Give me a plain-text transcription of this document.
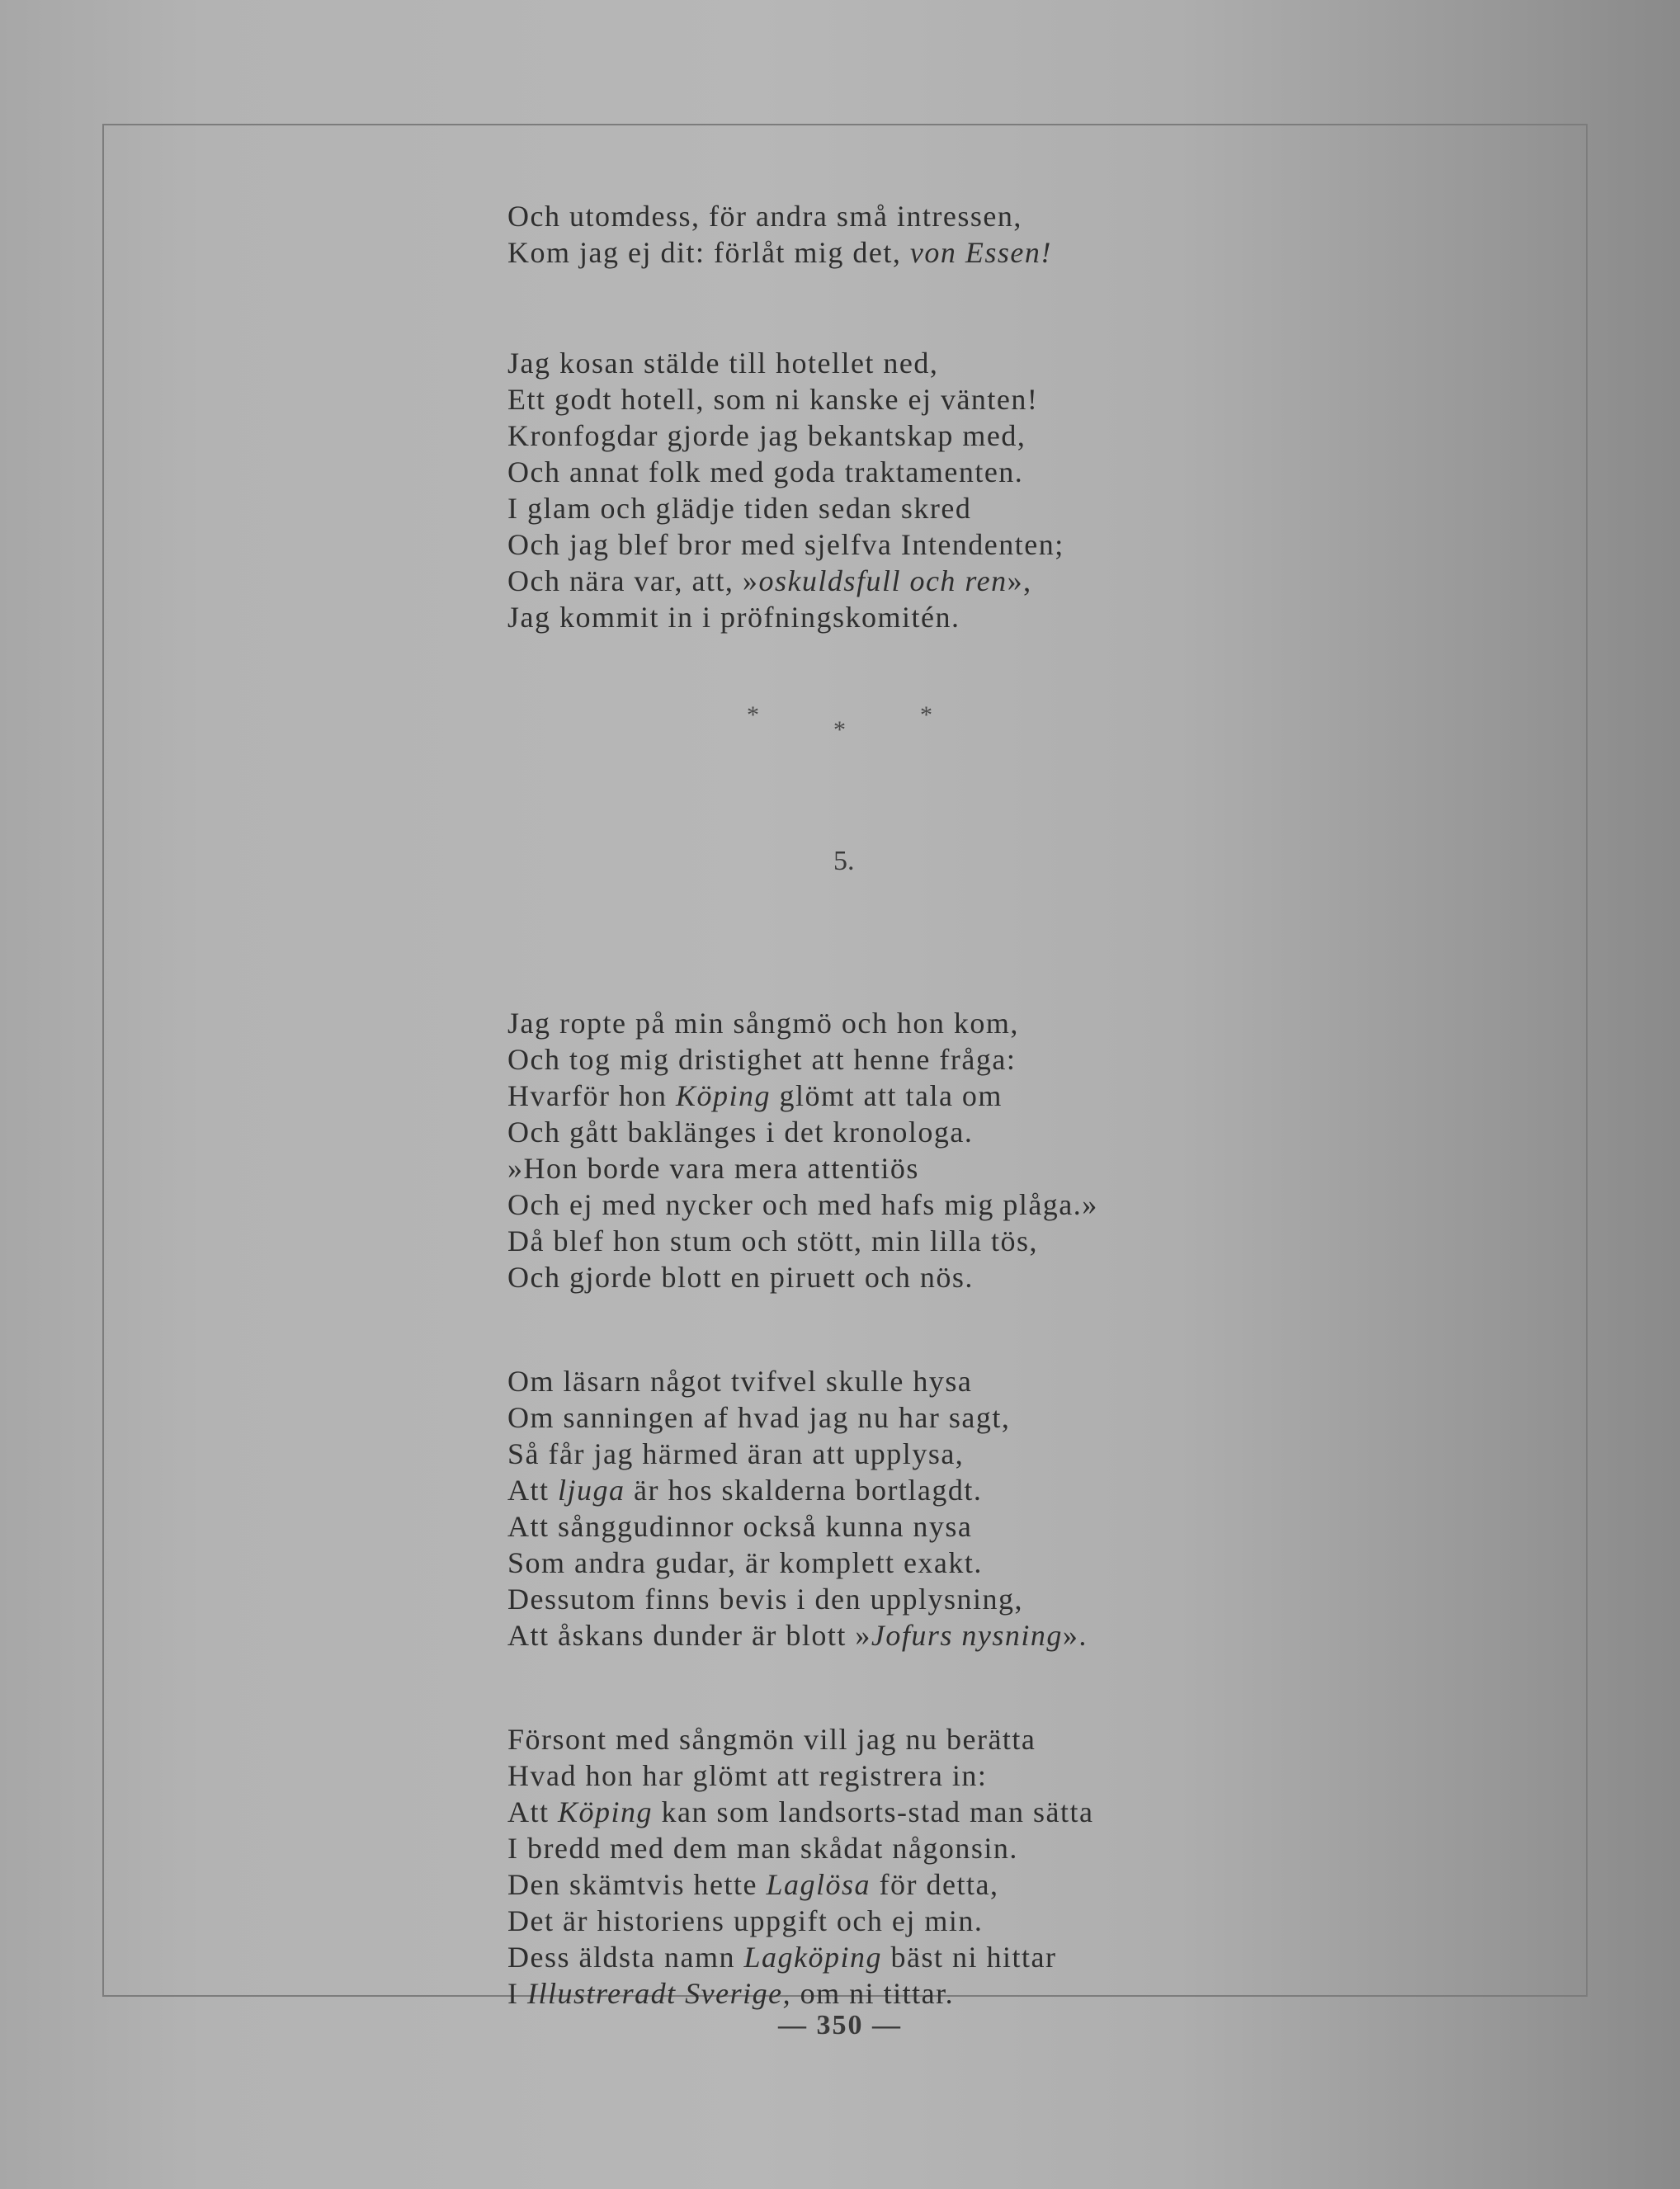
Och utomdess, för andra små intressen,
Kom jag ej dit: förlåt mig det, von Essen!
Jag kosan stälde till hotellet ned,
Ett godt hotell, som ni kanske ej vänten!
Kronfogdar gjorde jag bekantskap med,
Och annat folk med goda traktamenten.
I glam och glädje tiden sedan skred
Och jag blef bror med sjelfva Intendenten;
Och nära var, att, »oskuldsfull och ren»,
Jag kommit in i pröfningskomitén.
Jag ropte på min sångmö och hon kom,
Och tog mig dristighet att henne fråga:
Hvarför hon Köping glömt att tala om
Och gått baklänges i det kronologa.
»Hon borde vara mera attentiös
Och ej med nycker och med hafs mig plåga.»
Då blef hon stum och stött, min lilla tös,
Och gjorde blott en piruett och nös.
Om läsarn något tvifvel skulle hysa
Om sanningen af hvad jag nu har sagt,
Så får jag härmed äran att upplysa,
Att ljuga är hos skalderna bortlagdt.
Att sånggudinnor också kunna nysa
Som andra gudar, är komplett exakt.
Dessutom finns bevis i den upplysning,
Att åskans dunder är blott »Jofurs nysning».
Försont med sångmön vill jag nu berätta
Hvad hon har glömt att registrera in:
Att Köping kan som landsorts-stad man sätta
I bredd med dem man skådat någonsin.
Den skämtvis hette Laglösa för detta,
Det är historiens uppgift och ej min.
Dess äldsta namn Lagköping bäst ni hittar
I Illustreradt Sverige, om ni tittar.
*
*
*
5.
— 350 —
